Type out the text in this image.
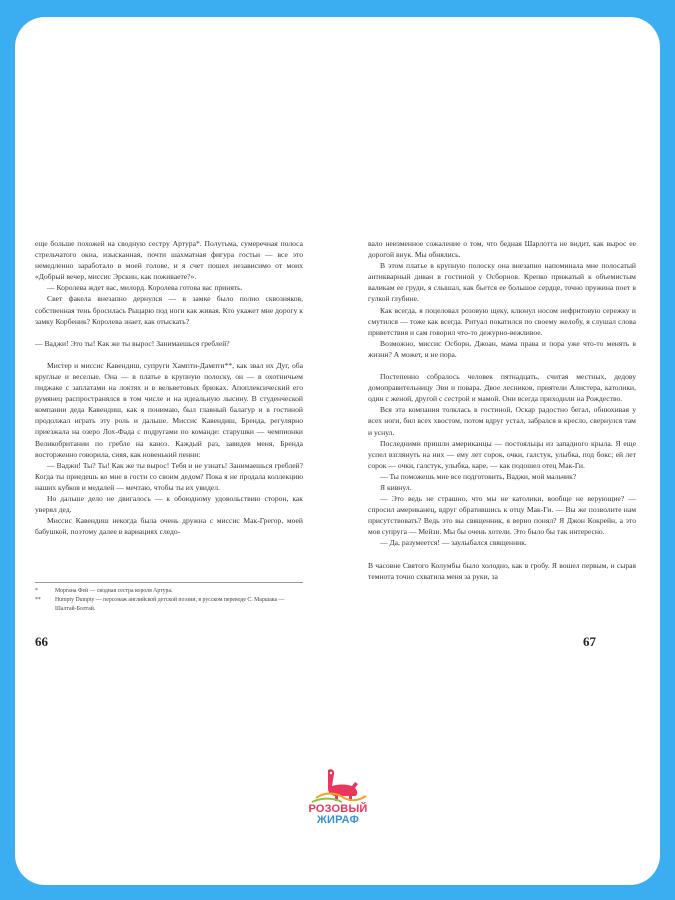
еще больше похожей на сводную сестру Артура*. Полутьма, сумеречная полоса стрельчатого окна, изысканная, почти шахматная фигура гостьи — все это немедленно заработало в моей голове, и я счет пошел независимо от моих «Добрый вечер, миссис Эрскин, как поживаете?».

— Королева ждет вас, милорд. Королева готова вас принять.

Свет факела внезапно дернулся — в замке было полно сквозняков, собственная тень бросилась Рыцарю под ноги как живая. Кто укажет мне дорогу к замку Корбеник? Королева знает, как отыскать?

— Ваджи! Это ты! Как же ты вырос! Занимаешься греблей?

Мистер и миссис Кавендиш, супруги Хампти-Дампти**, как звал их Дуг, оба круглые и веселые. Она — в платье в крупную полоску, он — в охотничьем пиджаке с заплатами на локтях и в вельветовых брюках. Апоплексический его румянец распространялся в том числе и на идеальную лысину. В студенческой компании деда Кавендиш, как я понимаю, был главный балагур и в гостиной продолжал играть эту роль и дальше. Миссис Кавендиш, Бренда, регулярно приезжала на озеро Лох-Фада с подругами по команде: старушки — чемпионки Великобритании по гребле на каноэ. Каждый раз, завидев меня, Бренда восторженно говорила, сияя, как новенький пенни:

— Ваджи! Ты? Ты! Как же ты вырос! Тебя и не узнать! Занимаешься греблей? Когда ты приедешь ко мне в гости со своим дедом? Пока я не продала коллекцию наших кубков и медалей — мечтаю, чтобы ты их увидел.

Но дальше дело не двигалось — к обоюдному удовольствию сторон, как уверял дед.

Миссис Кавендиш некогда была очень дружна с миссис Мак-Грегор, моей бабушкой, поэтому далее в вариациях следо-

*	Моргана Фей — сводная сестра короля Артура.
**	Humpty Dumpty — персонаж английской детской поэзии, в русском переводе С. Маршака — Шалтай-Болтай.
66

вало неизменное сожаление о том, что бедная Шарлотта не видит, как вырос ее дорогой внук. Мы обнялись.

В этом платье в крупную полоску она внезапно напоминала мне полосатый антикварный диван в гостиной у Осборнов. Крепко прижатый к объемистым валикам ее груди, я слышал, как бьется ее большое сердце, точно пружина поет в гулкой глубине.

Как всегда, я поцеловал розовую щеку, клюнул носом нефритовую сережку и смутился — тоже как всегда. Ритуал покатился по своему желобу, я слушал слова приветствия и сам говорил что-то дежурно-вежливое.

Возможно, миссис Осборн, Джоан, мама права и пора уже что-то менять в жизни? А может, и не пора.

Постепенно собралось человек пятнадцать, считая местных, дедову домоправительницу Эви и повара. Двое лесников, приятели Алистера, католики, один с женой, другой с сестрой и мамой. Они всегда приходили на Рождество.

Вся эта компания толклась в гостиной, Оскар радостно бегал, обнюхивая у всех ноги, бил всех хвостом, потом вдруг устал, забрался в кресло, свернулся там и уснул.

Последними пришли американцы — постояльцы из западного крыла. Я еще успел взглянуть на них — ему лет сорок, очки, галстук, улыбка, под бокс; ей лет сорок — очки, галстук, улыбка, каре, — как подошел отец Мак-Ги.

— Ты поможешь мне все подготовить, Ваджи, мой мальчик?

Я кивнул.

— Это ведь не страшно, что мы не католики, вообще не верующие? — спросил американец, вдруг обратившись к отцу Мак-Ги. — Вы же позволите нам присутствовать? Ведь это вы священник, я верно понял? Я Джон Кокрейн, а это моя супруга — Мейзи. Мы бы очень хотели. Это было бы так интересно.

— Да, разумеется! — заулыбался священник.

В часовне Святого Колумбы было холодно, как в гробу. Я вошел первым, и сырая темнота точно схватила меня за руки, за

67
РОЗОВЫЙ
ЖИРАФ
